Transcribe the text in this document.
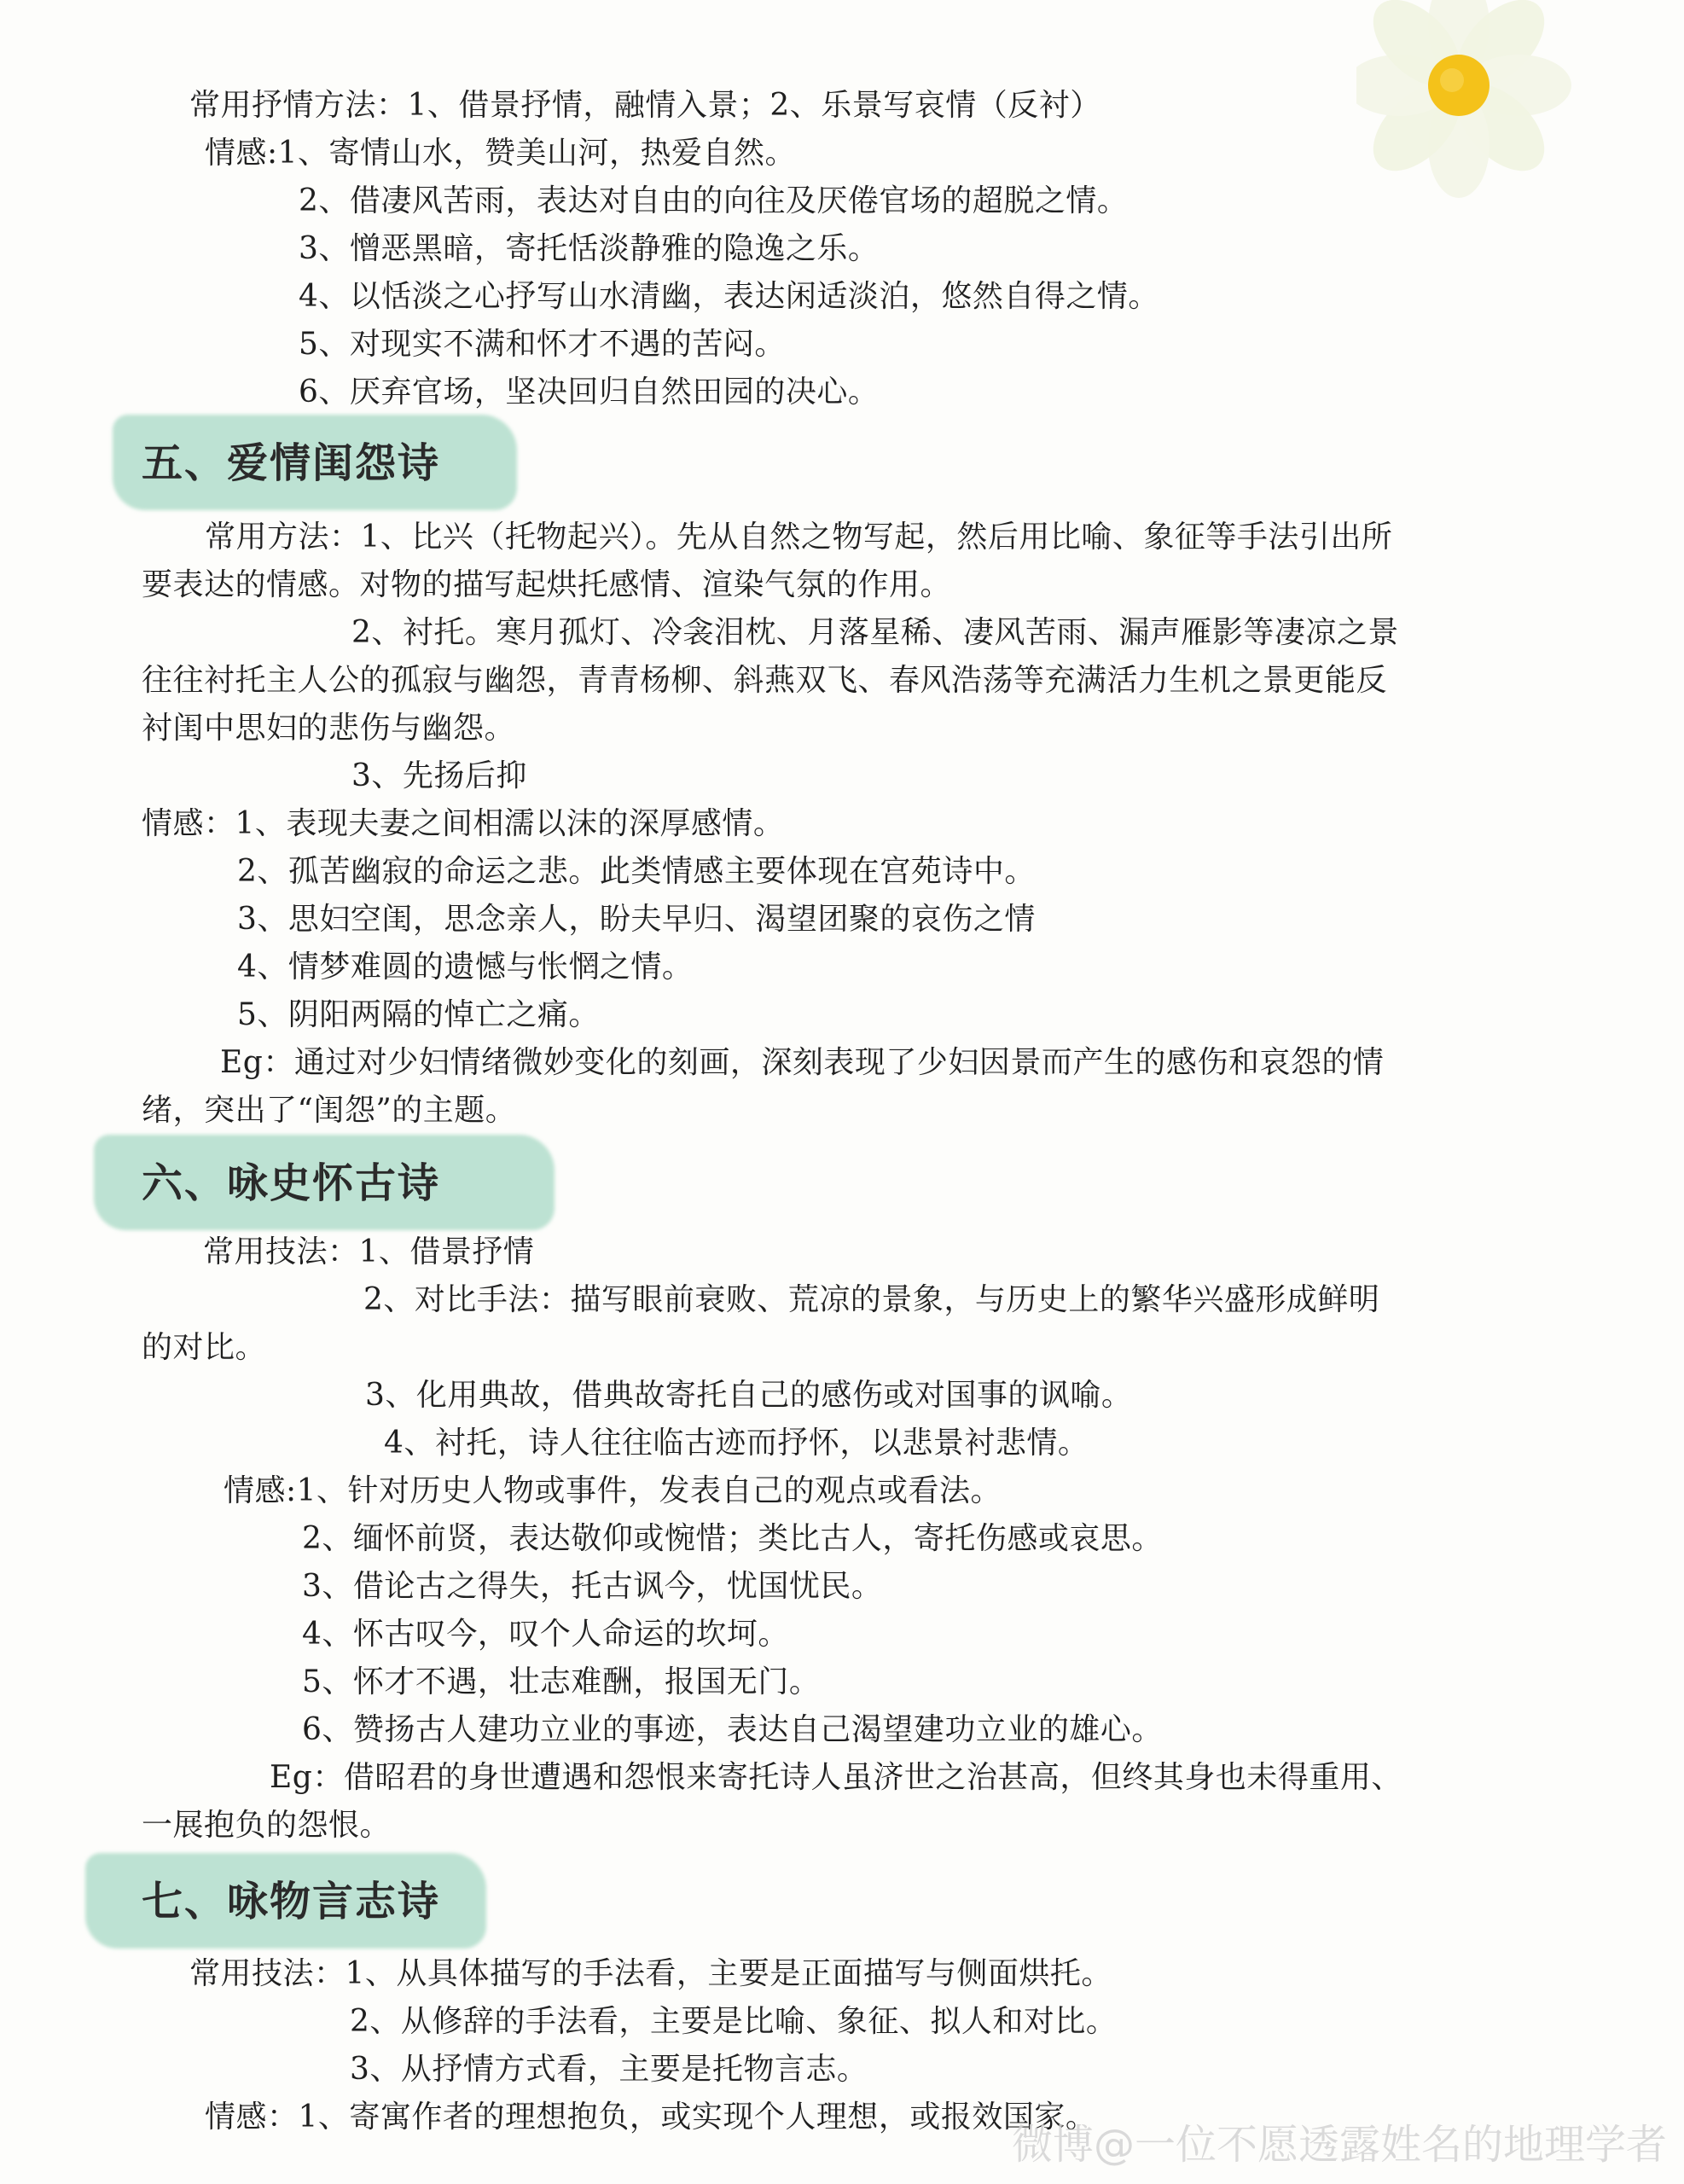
常用抒情方法：1、借景抒情，融情入景；2、乐景写哀情（反衬）
情感:1、寄情山水，赞美山河，热爱自然。
2、借凄风苦雨，表达对自由的向往及厌倦官场的超脱之情。
3、憎恶黑暗，寄托恬淡静雅的隐逸之乐。
4、以恬淡之心抒写山水清幽，表达闲适淡泊，悠然自得之情。
5、对现实不满和怀才不遇的苦闷。
6、厌弃官场，坚决回归自然田园的决心。
五、爱情闺怨诗
常用方法：1、比兴（托物起兴）。先从自然之物写起，然后用比喻、象征等手法引出所
要表达的情感。对物的描写起烘托感情、渲染气氛的作用。
2、衬托。寒月孤灯、冷衾泪枕、月落星稀、凄风苦雨、漏声雁影等凄凉之景
往往衬托主人公的孤寂与幽怨，青青杨柳、斜燕双飞、春风浩荡等充满活力生机之景更能反
衬闺中思妇的悲伤与幽怨。
3、先扬后抑
情感：1、表现夫妻之间相濡以沫的深厚感情。
2、孤苦幽寂的命运之悲。此类情感主要体现在宫苑诗中。
3、思妇空闺，思念亲人，盼夫早归、渴望团聚的哀伤之情
4、情梦难圆的遗憾与怅惘之情。
5、阴阳两隔的悼亡之痛。
Eg：通过对少妇情绪微妙变化的刻画，深刻表现了少妇因景而产生的感伤和哀怨的情
绪，突出了“闺怨”的主题。
六、咏史怀古诗
常用技法：1、借景抒情
2、对比手法：描写眼前衰败、荒凉的景象，与历史上的繁华兴盛形成鲜明
的对比。
3、化用典故，借典故寄托自己的感伤或对国事的讽喻。
4、衬托，诗人往往临古迹而抒怀，以悲景衬悲情。
情感:1、针对历史人物或事件，发表自己的观点或看法。
2、缅怀前贤，表达敬仰或惋惜；类比古人，寄托伤感或哀思。
3、借论古之得失，托古讽今，忧国忧民。
4、怀古叹今，叹个人命运的坎坷。
5、怀才不遇，壮志难酬，报国无门。
6、赞扬古人建功立业的事迹，表达自己渴望建功立业的雄心。
Eg：借昭君的身世遭遇和怨恨来寄托诗人虽济世之治甚高，但终其身也未得重用、
一展抱负的怨恨。
七、咏物言志诗
常用技法：1、从具体描写的手法看，主要是正面描写与侧面烘托。
2、从修辞的手法看，主要是比喻、象征、拟人和对比。
3、从抒情方式看，主要是托物言志。
情感：1、寄寓作者的理想抱负，或实现个人理想，或报效国家。
微博@一位不愿透露姓名的地理学者
